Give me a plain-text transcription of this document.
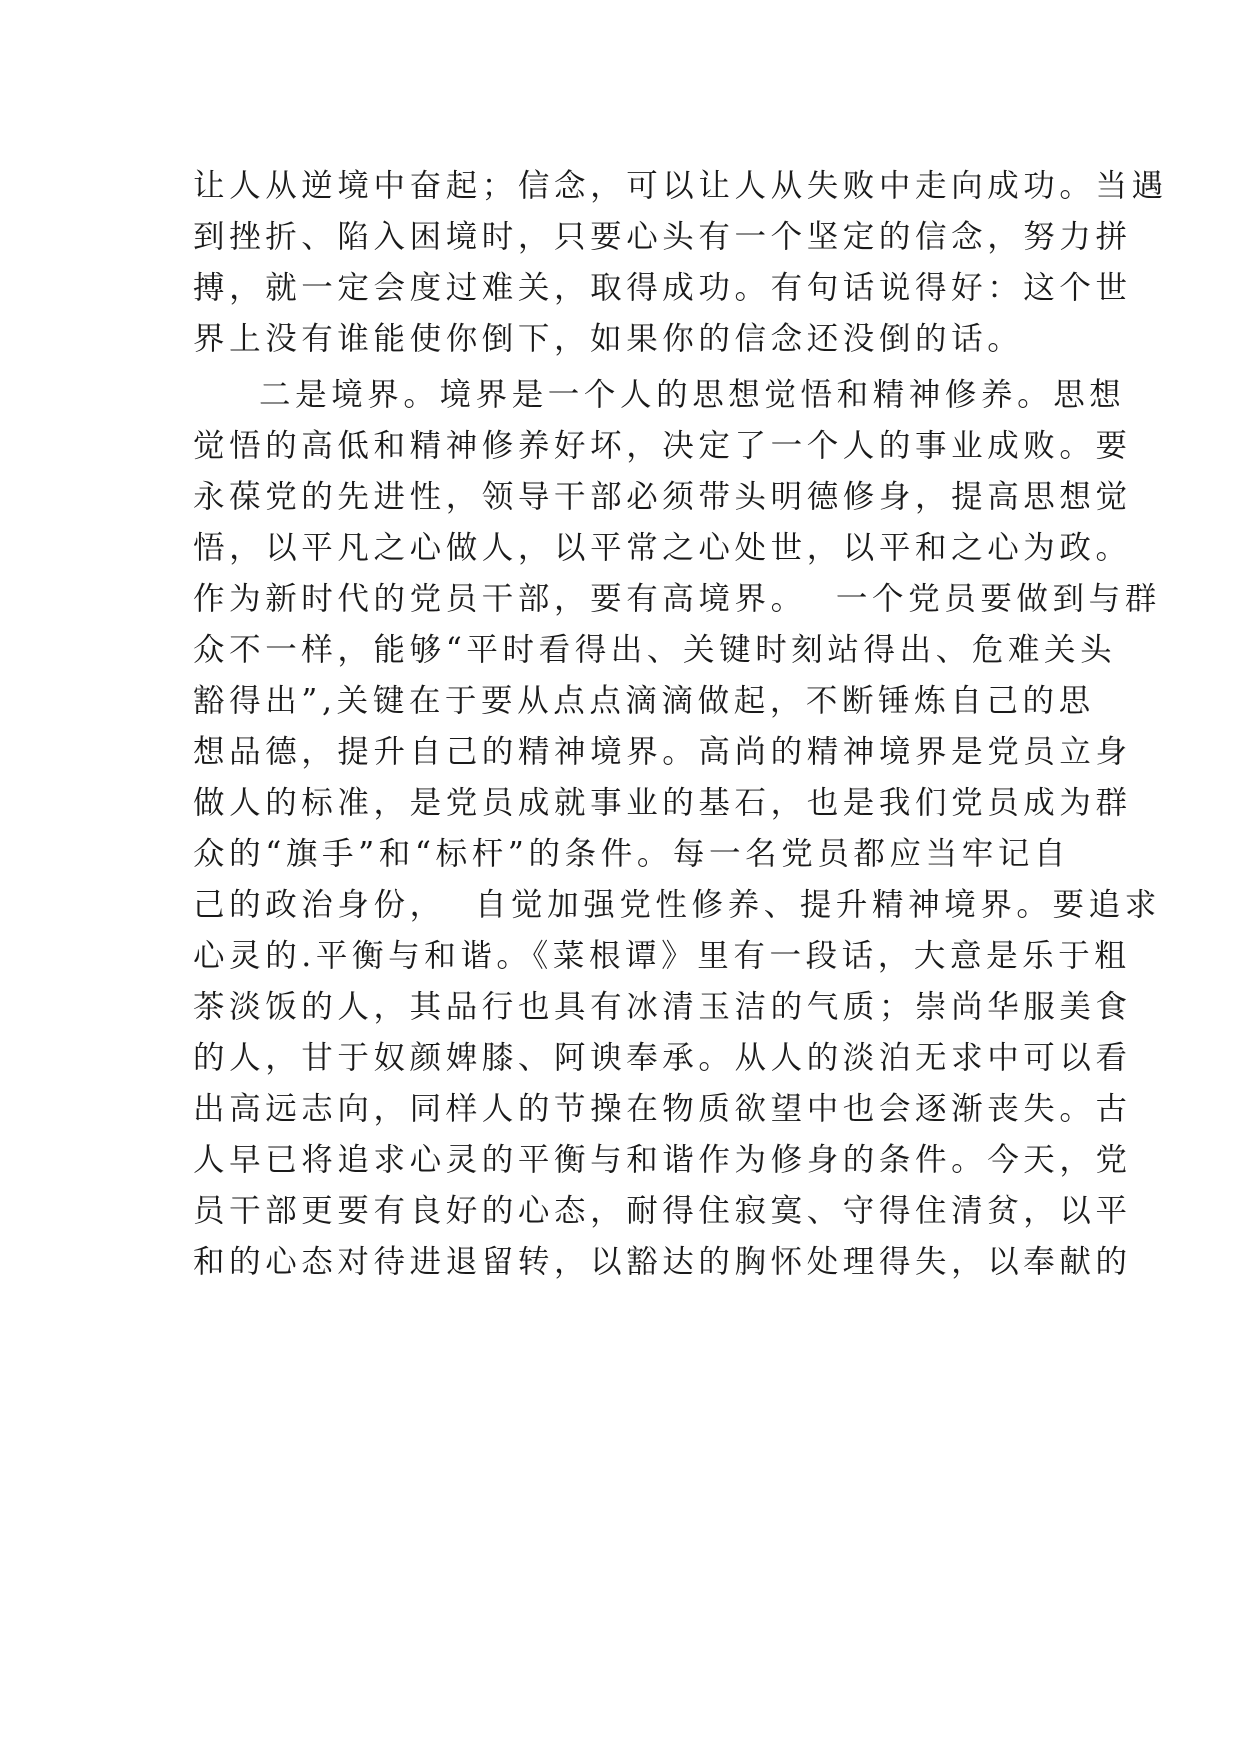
让人从逆境中奋起；信念，可以让人从失败中走向成功。当遇
到挫折、陷入困境时，只要心头有一个坚定的信念，努力拼
搏，就一定会度过难关，取得成功。有句话说得好：这个世
界上没有谁能使你倒下，如果你的信念还没倒的话。
二是境界。境界是一个人的思想觉悟和精神修养。思想
觉悟的高低和精神修养好坏，决定了一个人的事业成败。要
永葆党的先进性，领导干部必须带头明德修身，提高思想觉
悟，以平凡之心做人，以平常之心处世，以平和之心为政。
作为新时代的党员干部，要有高境界。  一个党员要做到与群
众不一样，能够“平时看得出、关键时刻站得出、危难关头
豁得出”,关键在于要从点点滴滴做起，不断锤炼自己的思
想品德，提升自己的精神境界。高尚的精神境界是党员立身
做人的标准，是党员成就事业的基石，也是我们党员成为群
众的“旗手”和“标杆”的条件。每一名党员都应当牢记自
己的政治身份，  自觉加强党性修养、提升精神境界。要追求
心灵的.平衡与和谐。《菜根谭》里有一段话，大意是乐于粗
茶淡饭的人，其品行也具有冰清玉洁的气质；崇尚华服美食
的人，甘于奴颜婢膝、阿谀奉承。从人的淡泊无求中可以看
出高远志向，同样人的节操在物质欲望中也会逐渐丧失。古
人早已将追求心灵的平衡与和谐作为修身的条件。今天，党
员干部更要有良好的心态，耐得住寂寞、守得住清贫，以平
和的心态对待进退留转，以豁达的胸怀处理得失，以奉献的
